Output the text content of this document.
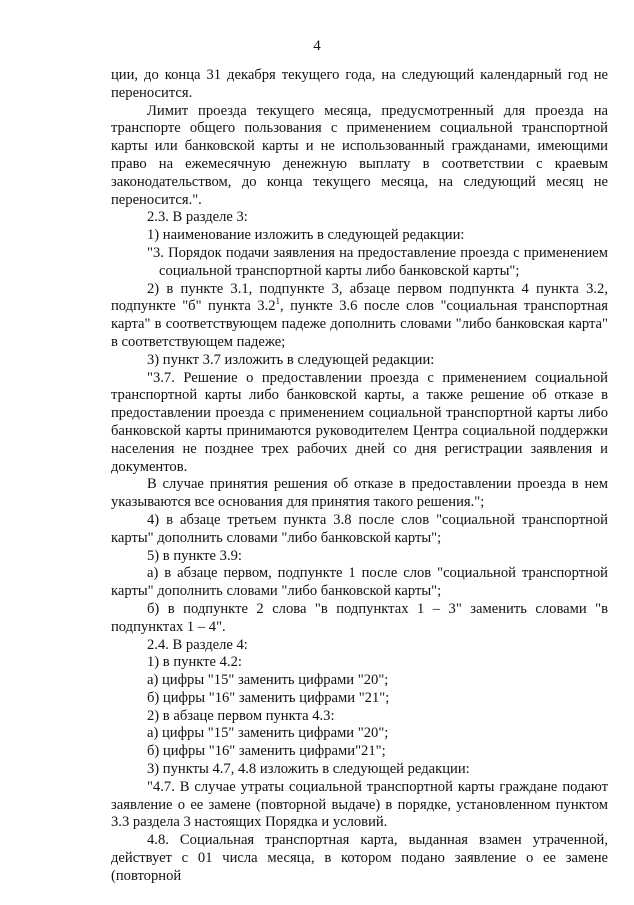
4

ции, до конца 31 декабря текущего года, на следующий календарный год не переносится.

Лимит проезда текущего месяца, предусмотренный для проезда на транспорте общего пользования с применением социальной транспортной карты или банковской карты и не использованный гражданами, имеющими право на ежемесячную денежную выплату в соответствии с краевым законодательством, до конца текущего месяца, на следующий месяц не переносится.".

2.3. В разделе 3:

1) наименование изложить в следующей редакции:

"3. Порядок подачи заявления на предоставление проезда с применением социальной транспортной карты либо банковской карты";

2) в пункте 3.1, подпункте 3, абзаце первом подпункта 4 пункта 3.2, подпункте "б" пункта $3.2^1$, пункте 3.6 после слов "социальная транспортная карта" в соответствующем падеже дополнить словами "либо банковская карта" в соответствующем падеже;

3) пункт 3.7 изложить в следующей редакции:

"3.7. Решение о предоставлении проезда с применением социальной транспортной карты либо банковской карты, а также решение об отказе в предоставлении проезда с применением социальной транспортной карты либо банковской карты принимаются руководителем Центра социальной поддержки населения не позднее трех рабочих дней со дня регистрации заявления и документов.

В случае принятия решения об отказе в предоставлении проезда в нем указываются все основания для принятия такого решения.";

4) в абзаце третьем пункта 3.8 после слов "социальной транспортной карты" дополнить словами "либо банковской карты";

5) в пункте 3.9:

а) в абзаце первом, подпункте 1 после слов "социальной транспортной карты" дополнить словами "либо банковской карты";

б) в подпункте 2 слова "в подпунктах 1 – 3" заменить словами "в подпунктах 1 – 4".

2.4. В разделе 4:

1) в пункте 4.2:

а) цифры "15" заменить цифрами "20";

б) цифры "16" заменить цифрами "21";

2) в абзаце первом пункта 4.3:

а) цифры "15" заменить цифрами "20";

б) цифры "16" заменить цифрами"21";

3) пункты 4.7, 4.8 изложить в следующей редакции:

"4.7. В случае утраты социальной транспортной карты граждане подают заявление о ее замене (повторной выдаче) в порядке, установленном пунктом 3.3 раздела 3 настоящих Порядка и условий.

4.8. Социальная транспортная карта, выданная взамен утраченной, действует с 01 числа месяца, в котором подано заявление о ее замене (повторной
